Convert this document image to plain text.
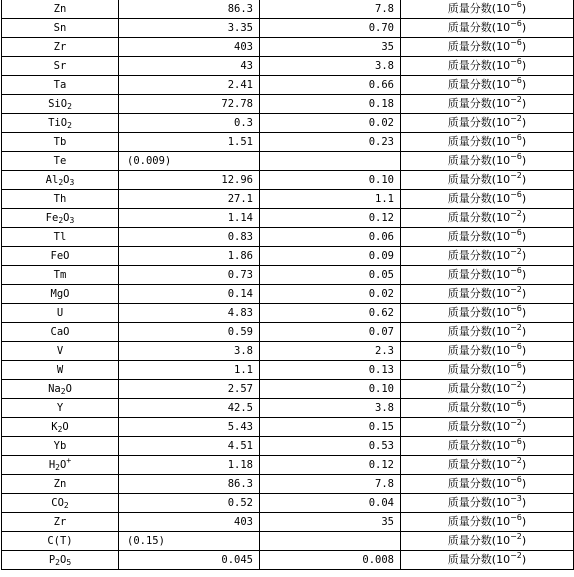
Zn	86.3	7.8	质量分数$(10^{-6})$
Sn	3.35	0.70	质量分数$(10^{-6})$
Zr	403	35	质量分数$(10^{-6})$
Sr	43	3.8	质量分数$(10^{-6})$
Ta	2.41	0.66	质量分数$(10^{-6})$
SiO$_2$	72.78	0.18	质量分数$(10^{-2})$
TiO$_2$	0.3	0.02	质量分数$(10^{-2})$
Tb	1.51	0.23	质量分数$(10^{-6})$
Te	(0.009)		质量分数$(10^{-6})$
$Al_2O_3$	12.96	0.10	质量分数$(10^{-2})$
Th	27.1	1.1	质量分数$(10^{-6})$
$Fe_2O_3$	1.14	0.12	质量分数$(10^{-2})$
Tl	0.83	0.06	质量分数$(10^{-6})$
FeO	1.86	0.09	质量分数$(10^{-2})$
Tm	0.73	0.05	质量分数$(10^{-6})$
MgO	0.14	0.02	质量分数$(10^{-2})$
U	4.83	0.62	质量分数$(10^{-6})$
CaO	0.59	0.07	质量分数$(10^{-2})$
V	3.8	2.3	质量分数$(10^{-6})$
W	1.1	0.13	质量分数$(10^{-6})$
$Na_2O$	2.57	0.10	质量分数$(10^{-2})$
Y	42.5	3.8	质量分数$(10^{-6})$
$K_2O$	5.43	0.15	质量分数$(10^{-2})$
Yb	4.51	0.53	质量分数$(10^{-6})$
$H_2O^+$	1.18	0.12	质量分数$(10^{-2})$
Zn	86.3	7.8	质量分数$(10^{-6})$
$CO_2$	0.52	0.04	质量分数$(10^{-3})$
Zr	403	35	质量分数$(10^{-6})$
C(T)	(0.15)		质量分数$(10^{-2})$
$P_2O_5$	0.045	0.008	质量分数$(10^{-2})$
